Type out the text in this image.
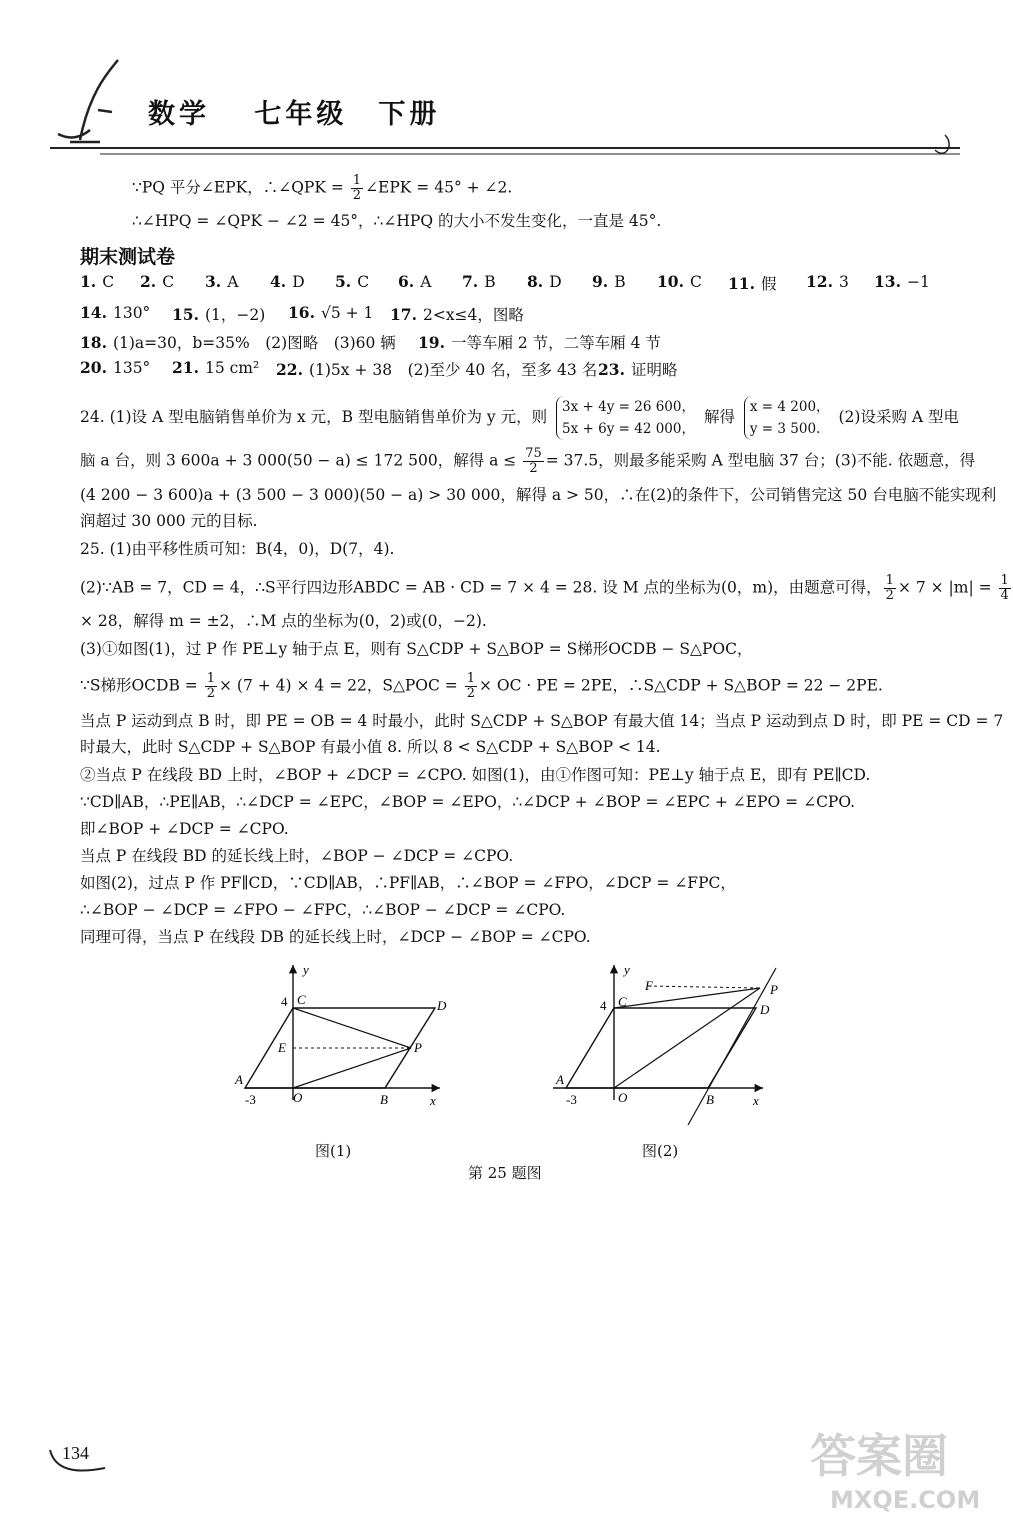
数学　 七年级　下册
∵PQ 平分∠EPK，∴∠QPK = $\frac{1}{2}$ ∠EPK = 45° + ∠2.
∴∠HPQ = ∠QPK − ∠2 = 45°，∴∠HPQ 的大小不发生变化，一直是 45°.
期末测试卷
1. C 2. C 3. A 4. D 5. C 6. A 7. B 8. D 9. B 10. C 11. 假 12. 3 13. −1
14. 130° 15. (1，−2) 16. √5 + 1 17. 2<x≤4，图略
18. (1)a=30，b=35%　(2)图略　(3)60 辆 19. 一等车厢 2 节，二等车厢 4 节
20. 135° 21. 15 cm² 22. (1)5x + 38　(2)至少 40 名，至多 43 名 23. 证明略
24. (1)设 A 型电脑销售单价为 x 元，B 型电脑销售单价为 y 元，则
3x + 4y = 26 600，
5x + 6y = 42 000，
解得
x = 4 200，
y = 3 500.
(2)设采购 A 型电
脑 a 台，则 3 600a + 3 000(50 − a) ≤ 172 500，解得 $a \le \frac{75}{2} = 37.5$，则最多能采购 A 型电脑 37 台；(3)不能. 依题意，得
(4 200 − 3 600)a + (3 500 − 3 000)(50 − a) > 30 000，解得 a > 50，∴在(2)的条件下，公司销售完这 50 台电脑不能实现利
润超过 30 000 元的目标.
25. (1)由平移性质可知：B(4，0)，D(7，4).
(2)∵AB = 7，CD = 4，∴S平行四边形ABDC = AB · CD = 7 × 4 = 28. 设 M 点的坐标为(0，m)，由题意可得， $\frac{1}{2} \times 7 \times |m| = \frac{1}{4}$
× 28，解得 m = ±2，∴M 点的坐标为(0，2)或(0，−2).
(3)①如图(1)，过 P 作 PE⊥y 轴于点 E，则有 S△CDP + S△BOP = S梯形OCDB − S△POC，
∵S梯形OCDB = $\frac{1}{2} \times (7 + 4) \times 4 = 22$，S△POC = $\frac{1}{2}$ × OC · PE = 2PE，∴S△CDP + S△BOP = 22 − 2PE.
当点 P 运动到点 B 时，即 PE = OB = 4 时最小，此时 S△CDP + S△BOP 有最大值 14；当点 P 运动到点 D 时，即 PE = CD = 7
时最大，此时 S△CDP + S△BOP 有最小值 8. 所以 8 < S△CDP + S△BOP < 14.
②当点 P 在线段 BD 上时，∠BOP + ∠DCP = ∠CPO. 如图(1)，由①作图可知：PE⊥y 轴于点 E，即有 PE∥CD.
∵CD∥AB，∴PE∥AB，∴∠DCP = ∠EPC，∠BOP = ∠EPO，∴∠DCP + ∠BOP = ∠EPC + ∠EPO = ∠CPO.
即∠BOP + ∠DCP = ∠CPO.
当点 P 在线段 BD 的延长线上时，∠BOP − ∠DCP = ∠CPO.
如图(2)，过点 P 作 PF∥CD，∵CD∥AB，∴PF∥AB，∴∠BOP = ∠FPO，∠DCP = ∠FPC，
∴∠BOP − ∠DCP = ∠FPO − ∠FPC，∴∠BOP − ∠DCP = ∠CPO.
同理可得，当点 P 在线段 DB 的延长线上时，∠DCP − ∠BOP = ∠CPO.
y
x
4 C	D
E	P
A
-3	O	B
y
x
4 C
D
F	P
A
-3	O	B
图(1)	图(2)
第 25 题图
134	答案圈
MXQE.COM
